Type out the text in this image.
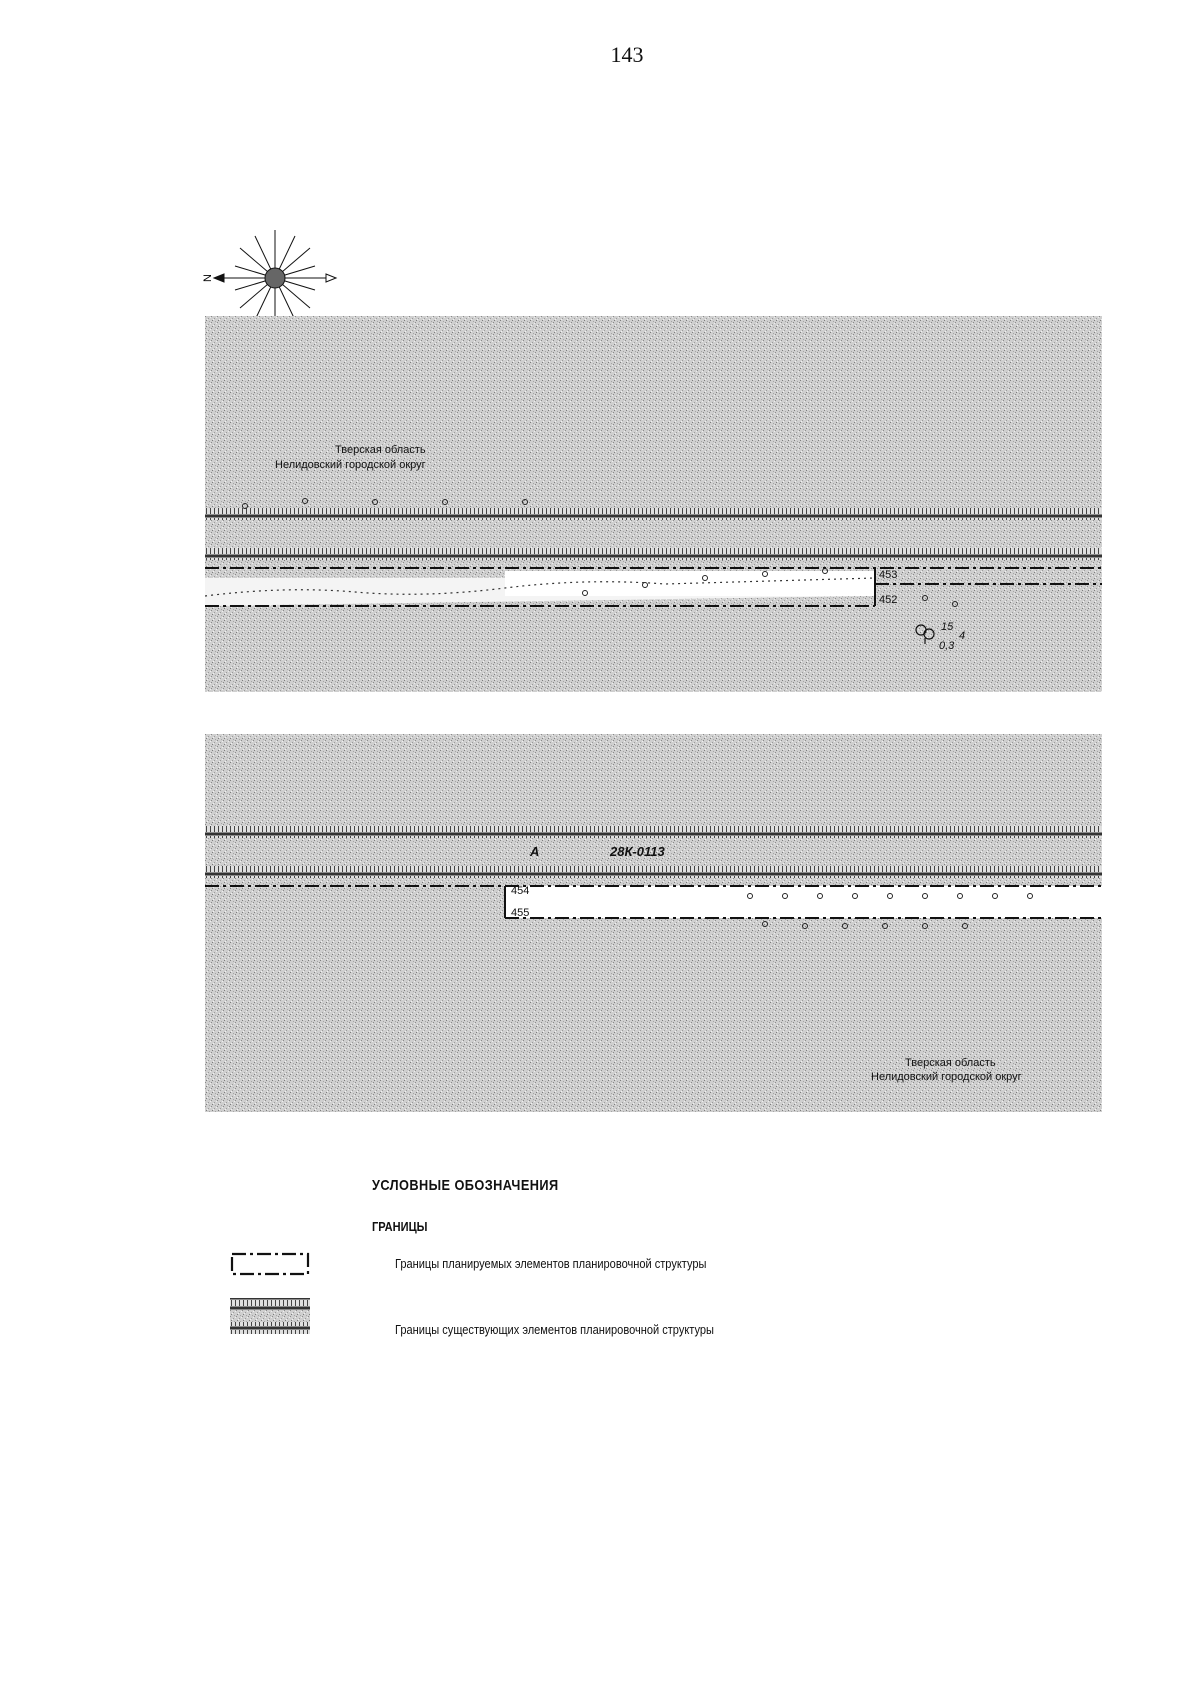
143
N
Тверская область
Нелидовский городской округ
453
452
15
4
0,3
А	28К-0113
454
455
Тверская область
Нелидовский городской округ
УСЛОВНЫЕ ОБОЗНАЧЕНИЯ
ГРАНИЦЫ
Границы планируемых элементов планировочной структуры
Границы существующих элементов планировочной структуры
